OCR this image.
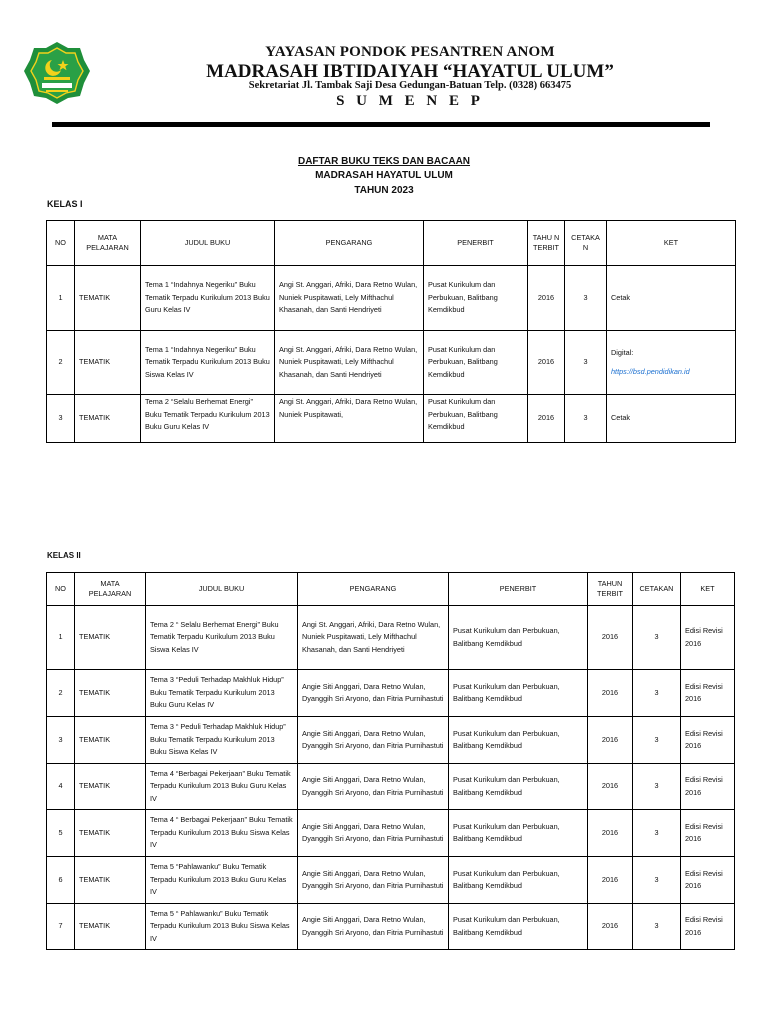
YAYASAN PONDOK PESANTREN ANOM
MADRASAH IBTIDAIYAH “HAYATUL ULUM”
Sekretariat Jl. Tambak Saji Desa Gedungan-Batuan Telp. (0328) 663475
S U M E N E P
DAFTAR BUKU TEKS DAN BACAAN
MADRASAH HAYATUL ULUM
TAHUN 2023
KELAS I
NO	MATA PELAJARAN	JUDUL BUKU	PENGARANG	PENERBIT	TAHU N TERBIT	CETAKA N	KET
1	TEMATIK	Tema 1 “Indahnya Negeriku” Buku Tematik Terpadu Kurikulum 2013 Buku Guru Kelas IV	Angi St. Anggari, Afriki, Dara Retno Wulan, Nuniek Puspitawati, Lely Mifthachul Khasanah, dan Santi Hendriyeti	Pusat Kurikulum dan Perbukuan, Balitbang Kemdikbud	2016	3	Cetak
2	TEMATIK	Tema 1 “Indahnya Negeriku” Buku Tematik Terpadu Kurikulum 2013 Buku Siswa Kelas IV	Angi St. Anggari, Afriki, Dara Retno Wulan, Nuniek Puspitawati, Lely Mifthachul Khasanah, dan Santi Hendriyeti	Pusat Kurikulum dan Perbukuan, Balitbang Kemdikbud	2016	3	Digital:
https://bsd.pendidikan.id

3	TEMATIK	Tema 2 “Selalu Berhemat Energi” Buku Tematik Terpadu Kurikulum 2013 Buku Guru Kelas IV	Angi St. Anggari, Afriki, Dara Retno Wulan, Nuniek Puspitawati,	Pusat Kurikulum dan Perbukuan, Balitbang Kemdikbud	2016	3	Cetak
KELAS II
NO	MATA PELAJARAN	JUDUL BUKU	PENGARANG	PENERBIT	TAHUN TERBIT	CETAKAN	KET
1	TEMATIK	Tema 2 “ Selalu Berhemat Energi” Buku Tematik Terpadu Kurikulum 2013 Buku Siswa Kelas IV	Angi St. Anggari, Afriki, Dara Retno Wulan, Nuniek Puspitawati, Lely Mifthachul Khasanah, dan Santi Hendriyeti	Pusat Kurikulum dan Perbukuan, Balitbang Kemdikbud	2016	3	Edisi Revisi 2016
2	TEMATIK	Tema 3 “Peduli Terhadap Makhluk Hidup” Buku Tematik Terpadu Kurikulum 2013 Buku Guru Kelas IV	Angie Siti Anggari, Dara Retno Wulan, Dyanggih Sri Aryono, dan Fitria Purnihastuti	Pusat Kurikulum dan Perbukuan, Balitbang Kemdikbud	2016	3	Edisi Revisi 2016
3	TEMATIK	Tema 3 “ Peduli Terhadap Makhluk Hidup” Buku Tematik Terpadu Kurikulum 2013 Buku Siswa Kelas IV	Angie Siti Anggari, Dara Retno Wulan, Dyanggih Sri Aryono, dan Fitria Purnihastuti	Pusat Kurikulum dan Perbukuan, Balitbang Kemdikbud	2016	3	Edisi Revisi 2016
4	TEMATIK	Tema 4 “Berbagai Pekerjaan” Buku Tematik Terpadu Kurikulum 2013 Buku Guru Kelas IV	Angie Siti Anggari, Dara Retno Wulan, Dyanggih Sri Aryono, dan Fitria Purnihastuti	Pusat Kurikulum dan Perbukuan, Balitbang Kemdikbud	2016	3	Edisi Revisi 2016
5	TEMATIK	Tema 4 “ Berbagai Pekerjaan” Buku Tematik Terpadu Kurikulum 2013 Buku Siswa Kelas IV	Angie Siti Anggari, Dara Retno Wulan, Dyanggih Sri Aryono, dan Fitria Purnihastuti	Pusat Kurikulum dan Perbukuan, Balitbang Kemdikbud	2016	3	Edisi Revisi 2016
6	TEMATIK	Tema 5 “Pahlawanku” Buku Tematik Terpadu Kurikulum 2013 Buku Guru Kelas IV	Angie Siti Anggari, Dara Retno Wulan, Dyanggih Sri Aryono, dan Fitria Purnihastuti	Pusat Kurikulum dan Perbukuan, Balitbang Kemdikbud	2016	3	Edisi Revisi 2016
7	TEMATIK	Tema 5 “ Pahlawanku” Buku Tematik Terpadu Kurikulum 2013 Buku Siswa Kelas IV	Angie Siti Anggari, Dara Retno Wulan, Dyanggih Sri Aryono, dan Fitria Purnihastuti	Pusat Kurikulum dan Perbukuan, Balitbang Kemdikbud	2016	3	Edisi Revisi 2016
